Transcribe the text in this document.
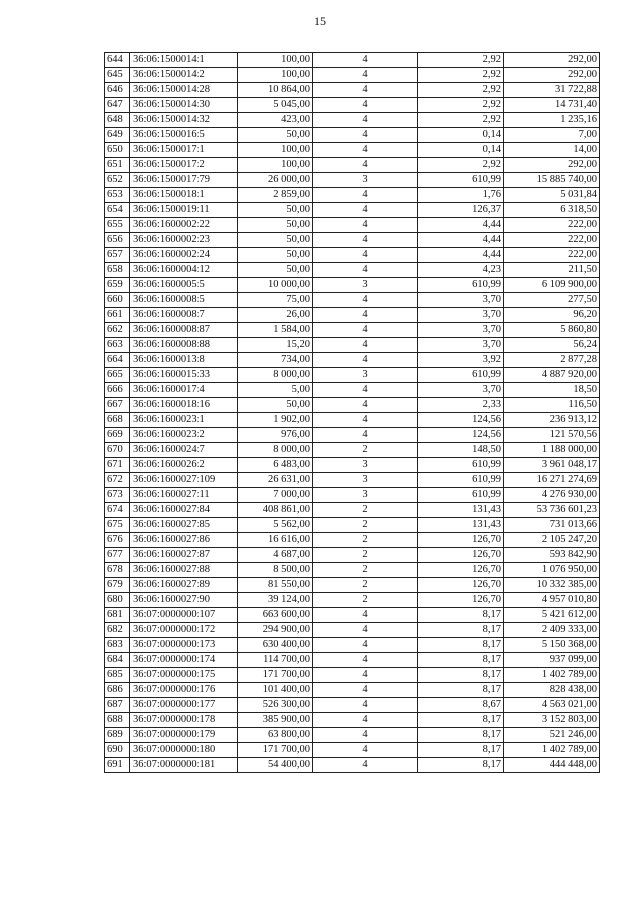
15
644	36:06:1500014:1	100,00	4	2,92	292,00
645	36:06:1500014:2	100,00	4	2,92	292,00
646	36:06:1500014:28	10 864,00	4	2,92	31 722,88
647	36:06:1500014:30	5 045,00	4	2,92	14 731,40
648	36:06:1500014:32	423,00	4	2,92	1 235,16
649	36:06:1500016:5	50,00	4	0,14	7,00
650	36:06:1500017:1	100,00	4	0,14	14,00
651	36:06:1500017:2	100,00	4	2,92	292,00
652	36:06:1500017:79	26 000,00	3	610,99	15 885 740,00
653	36:06:1500018:1	2 859,00	4	1,76	5 031,84
654	36:06:1500019:11	50,00	4	126,37	6 318,50
655	36:06:1600002:22	50,00	4	4,44	222,00
656	36:06:1600002:23	50,00	4	4,44	222,00
657	36:06:1600002:24	50,00	4	4,44	222,00
658	36:06:1600004:12	50,00	4	4,23	211,50
659	36:06:1600005:5	10 000,00	3	610,99	6 109 900,00
660	36:06:1600008:5	75,00	4	3,70	277,50
661	36:06:1600008:7	26,00	4	3,70	96,20
662	36:06:1600008:87	1 584,00	4	3,70	5 860,80
663	36:06:1600008:88	15,20	4	3,70	56,24
664	36:06:1600013:8	734,00	4	3,92	2 877,28
665	36:06:1600015:33	8 000,00	3	610,99	4 887 920,00
666	36:06:1600017:4	5,00	4	3,70	18,50
667	36:06:1600018:16	50,00	4	2,33	116,50
668	36:06:1600023:1	1 902,00	4	124,56	236 913,12
669	36:06:1600023:2	976,00	4	124,56	121 570,56
670	36:06:1600024:7	8 000,00	2	148,50	1 188 000,00
671	36:06:1600026:2	6 483,00	3	610,99	3 961 048,17
672	36:06:1600027:109	26 631,00	3	610,99	16 271 274,69
673	36:06:1600027:11	7 000,00	3	610,99	4 276 930,00
674	36:06:1600027:84	408 861,00	2	131,43	53 736 601,23
675	36:06:1600027:85	5 562,00	2	131,43	731 013,66
676	36:06:1600027:86	16 616,00	2	126,70	2 105 247,20
677	36:06:1600027:87	4 687,00	2	126,70	593 842,90
678	36:06:1600027:88	8 500,00	2	126,70	1 076 950,00
679	36:06:1600027:89	81 550,00	2	126,70	10 332 385,00
680	36:06:1600027:90	39 124,00	2	126,70	4 957 010,80
681	36:07:0000000:107	663 600,00	4	8,17	5 421 612,00
682	36:07:0000000:172	294 900,00	4	8,17	2 409 333,00
683	36:07:0000000:173	630 400,00	4	8,17	5 150 368,00
684	36:07:0000000:174	114 700,00	4	8,17	937 099,00
685	36:07:0000000:175	171 700,00	4	8,17	1 402 789,00
686	36:07:0000000:176	101 400,00	4	8,17	828 438,00
687	36:07:0000000:177	526 300,00	4	8,67	4 563 021,00
688	36:07:0000000:178	385 900,00	4	8,17	3 152 803,00
689	36:07:0000000:179	63 800,00	4	8,17	521 246,00
690	36:07:0000000:180	171 700,00	4	8,17	1 402 789,00
691	36:07:0000000:181	54 400,00	4	8,17	444 448,00
